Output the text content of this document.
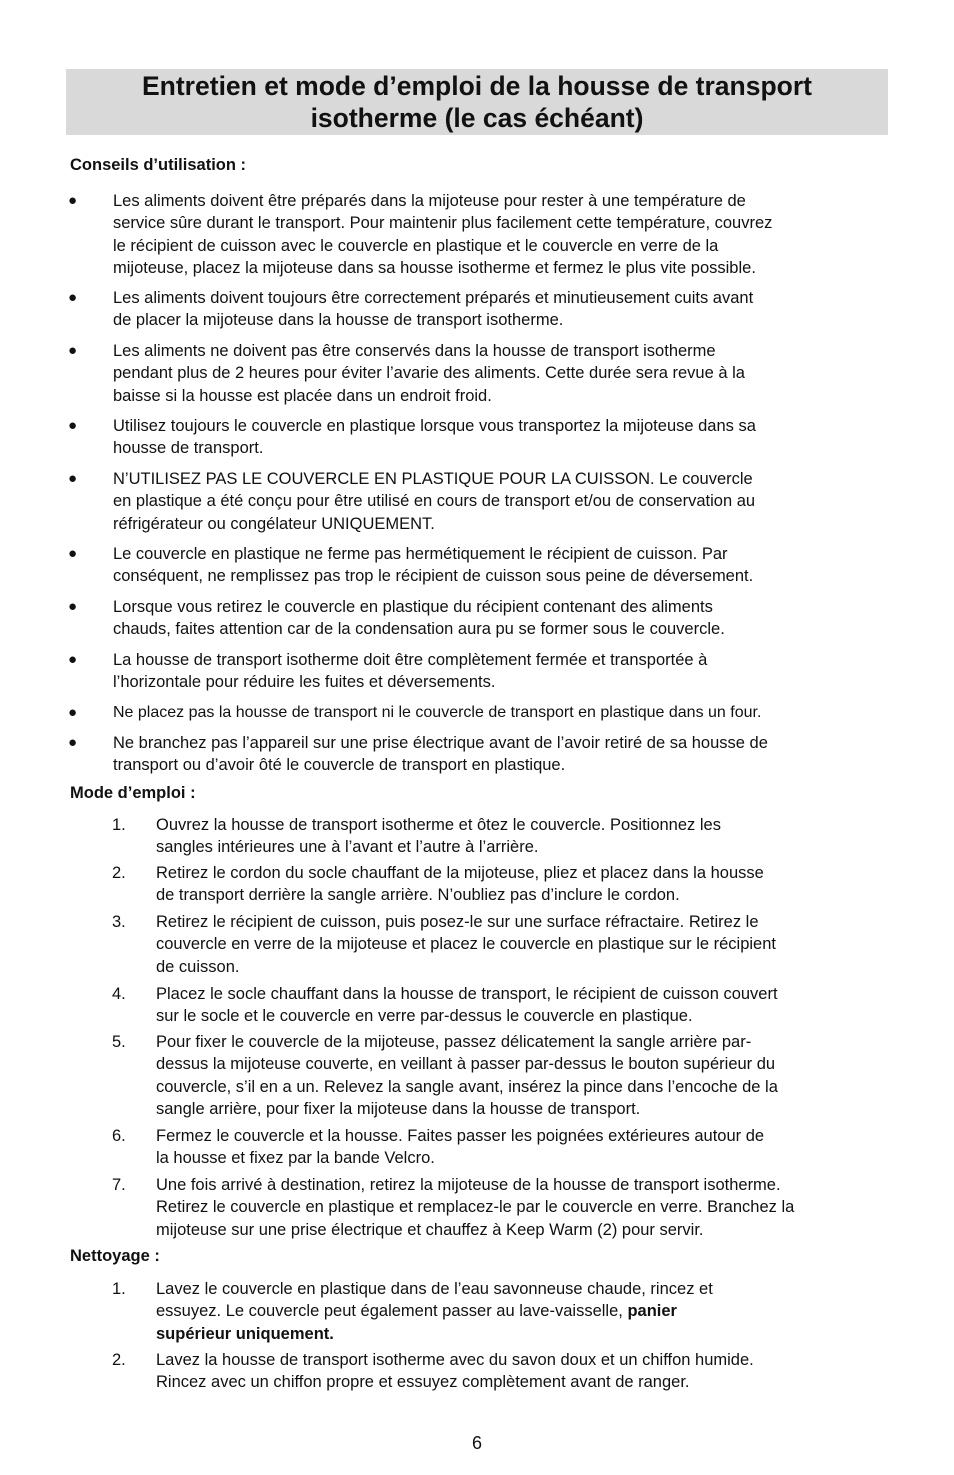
Entretien et mode d’emploi de la housse de transport
isotherme (le cas échéant)
Conseils d’utilisation :
● Les aliments doivent être préparés dans la mijoteuse pour rester à une température de
service sûre durant le transport. Pour maintenir plus facilement cette température, couvrez
le récipient de cuisson avec le couvercle en plastique et le couvercle en verre de la
mijoteuse, placez la mijoteuse dans sa housse isotherme et fermez le plus vite possible.
● Les aliments doivent toujours être correctement préparés et minutieusement cuits avant
de placer la mijoteuse dans la housse de transport isotherme.
● Les aliments ne doivent pas être conservés dans la housse de transport isotherme
pendant plus de 2 heures pour éviter l’avarie des aliments. Cette durée sera revue à la
baisse si la housse est placée dans un endroit froid.
● Utilisez toujours le couvercle en plastique lorsque vous transportez la mijoteuse dans sa
housse de transport.
● N’UTILISEZ PAS LE COUVERCLE EN PLASTIQUE POUR LA CUISSON. Le couvercle
en plastique a été conçu pour être utilisé en cours de transport et/ou de conservation au
réfrigérateur ou congélateur UNIQUEMENT.
● Le couvercle en plastique ne ferme pas hermétiquement le récipient de cuisson. Par
conséquent, ne remplissez pas trop le récipient de cuisson sous peine de déversement.
● Lorsque vous retirez le couvercle en plastique du récipient contenant des aliments
chauds, faites attention car de la condensation aura pu se former sous le couvercle.
● La housse de transport isotherme doit être complètement fermée et transportée à
l’horizontale pour réduire les fuites et déversements.
●	Ne placez pas la housse de transport ni le couvercle de transport en plastique dans un four.
● Ne branchez pas l’appareil sur une prise électrique avant de l’avoir retiré de sa housse de
transport ou d’avoir ôté le couvercle de transport en plastique.
Mode d’emploi :
1.	Ouvrez la housse de transport isotherme et ôtez le couvercle. Positionnez les
sangles intérieures une à l’avant et l’autre à l’arrière.
2.	Retirez le cordon du socle chauffant de la mijoteuse, pliez et placez dans la housse
de transport derrière la sangle arrière. N’oubliez pas d’inclure le cordon.
3.	Retirez le récipient de cuisson, puis posez-le sur une surface réfractaire. Retirez le
couvercle en verre de la mijoteuse et placez le couvercle en plastique sur le récipient
de cuisson.
4.	Placez le socle chauffant dans la housse de transport, le récipient de cuisson couvert
sur le socle et le couvercle en verre par-dessus le couvercle en plastique.
5.	Pour fixer le couvercle de la mijoteuse, passez délicatement la sangle arrière par-
dessus la mijoteuse couverte, en veillant à passer par-dessus le bouton supérieur du
couvercle, s’il en a un. Relevez la sangle avant, insérez la pince dans l’encoche de la
sangle arrière, pour fixer la mijoteuse dans la housse de transport.
6.	Fermez le couvercle et la housse. Faites passer les poignées extérieures autour de
la housse et fixez par la bande Velcro.
7.	Une fois arrivé à destination, retirez la mijoteuse de la housse de transport isotherme.
Retirez le couvercle en plastique et remplacez-le par le couvercle en verre. Branchez la
mijoteuse sur une prise électrique et chauffez à Keep Warm (2) pour servir.
Nettoyage :
1.	Lavez le couvercle en plastique dans de l’eau savonneuse chaude, rincez et
essuyez. Le couvercle peut également passer au lave-vaisselle, panier
supérieur uniquement.
2.	Lavez la housse de transport isotherme avec du savon doux et un chiffon humide.
Rincez avec un chiffon propre et essuyez complètement avant de ranger.
6
